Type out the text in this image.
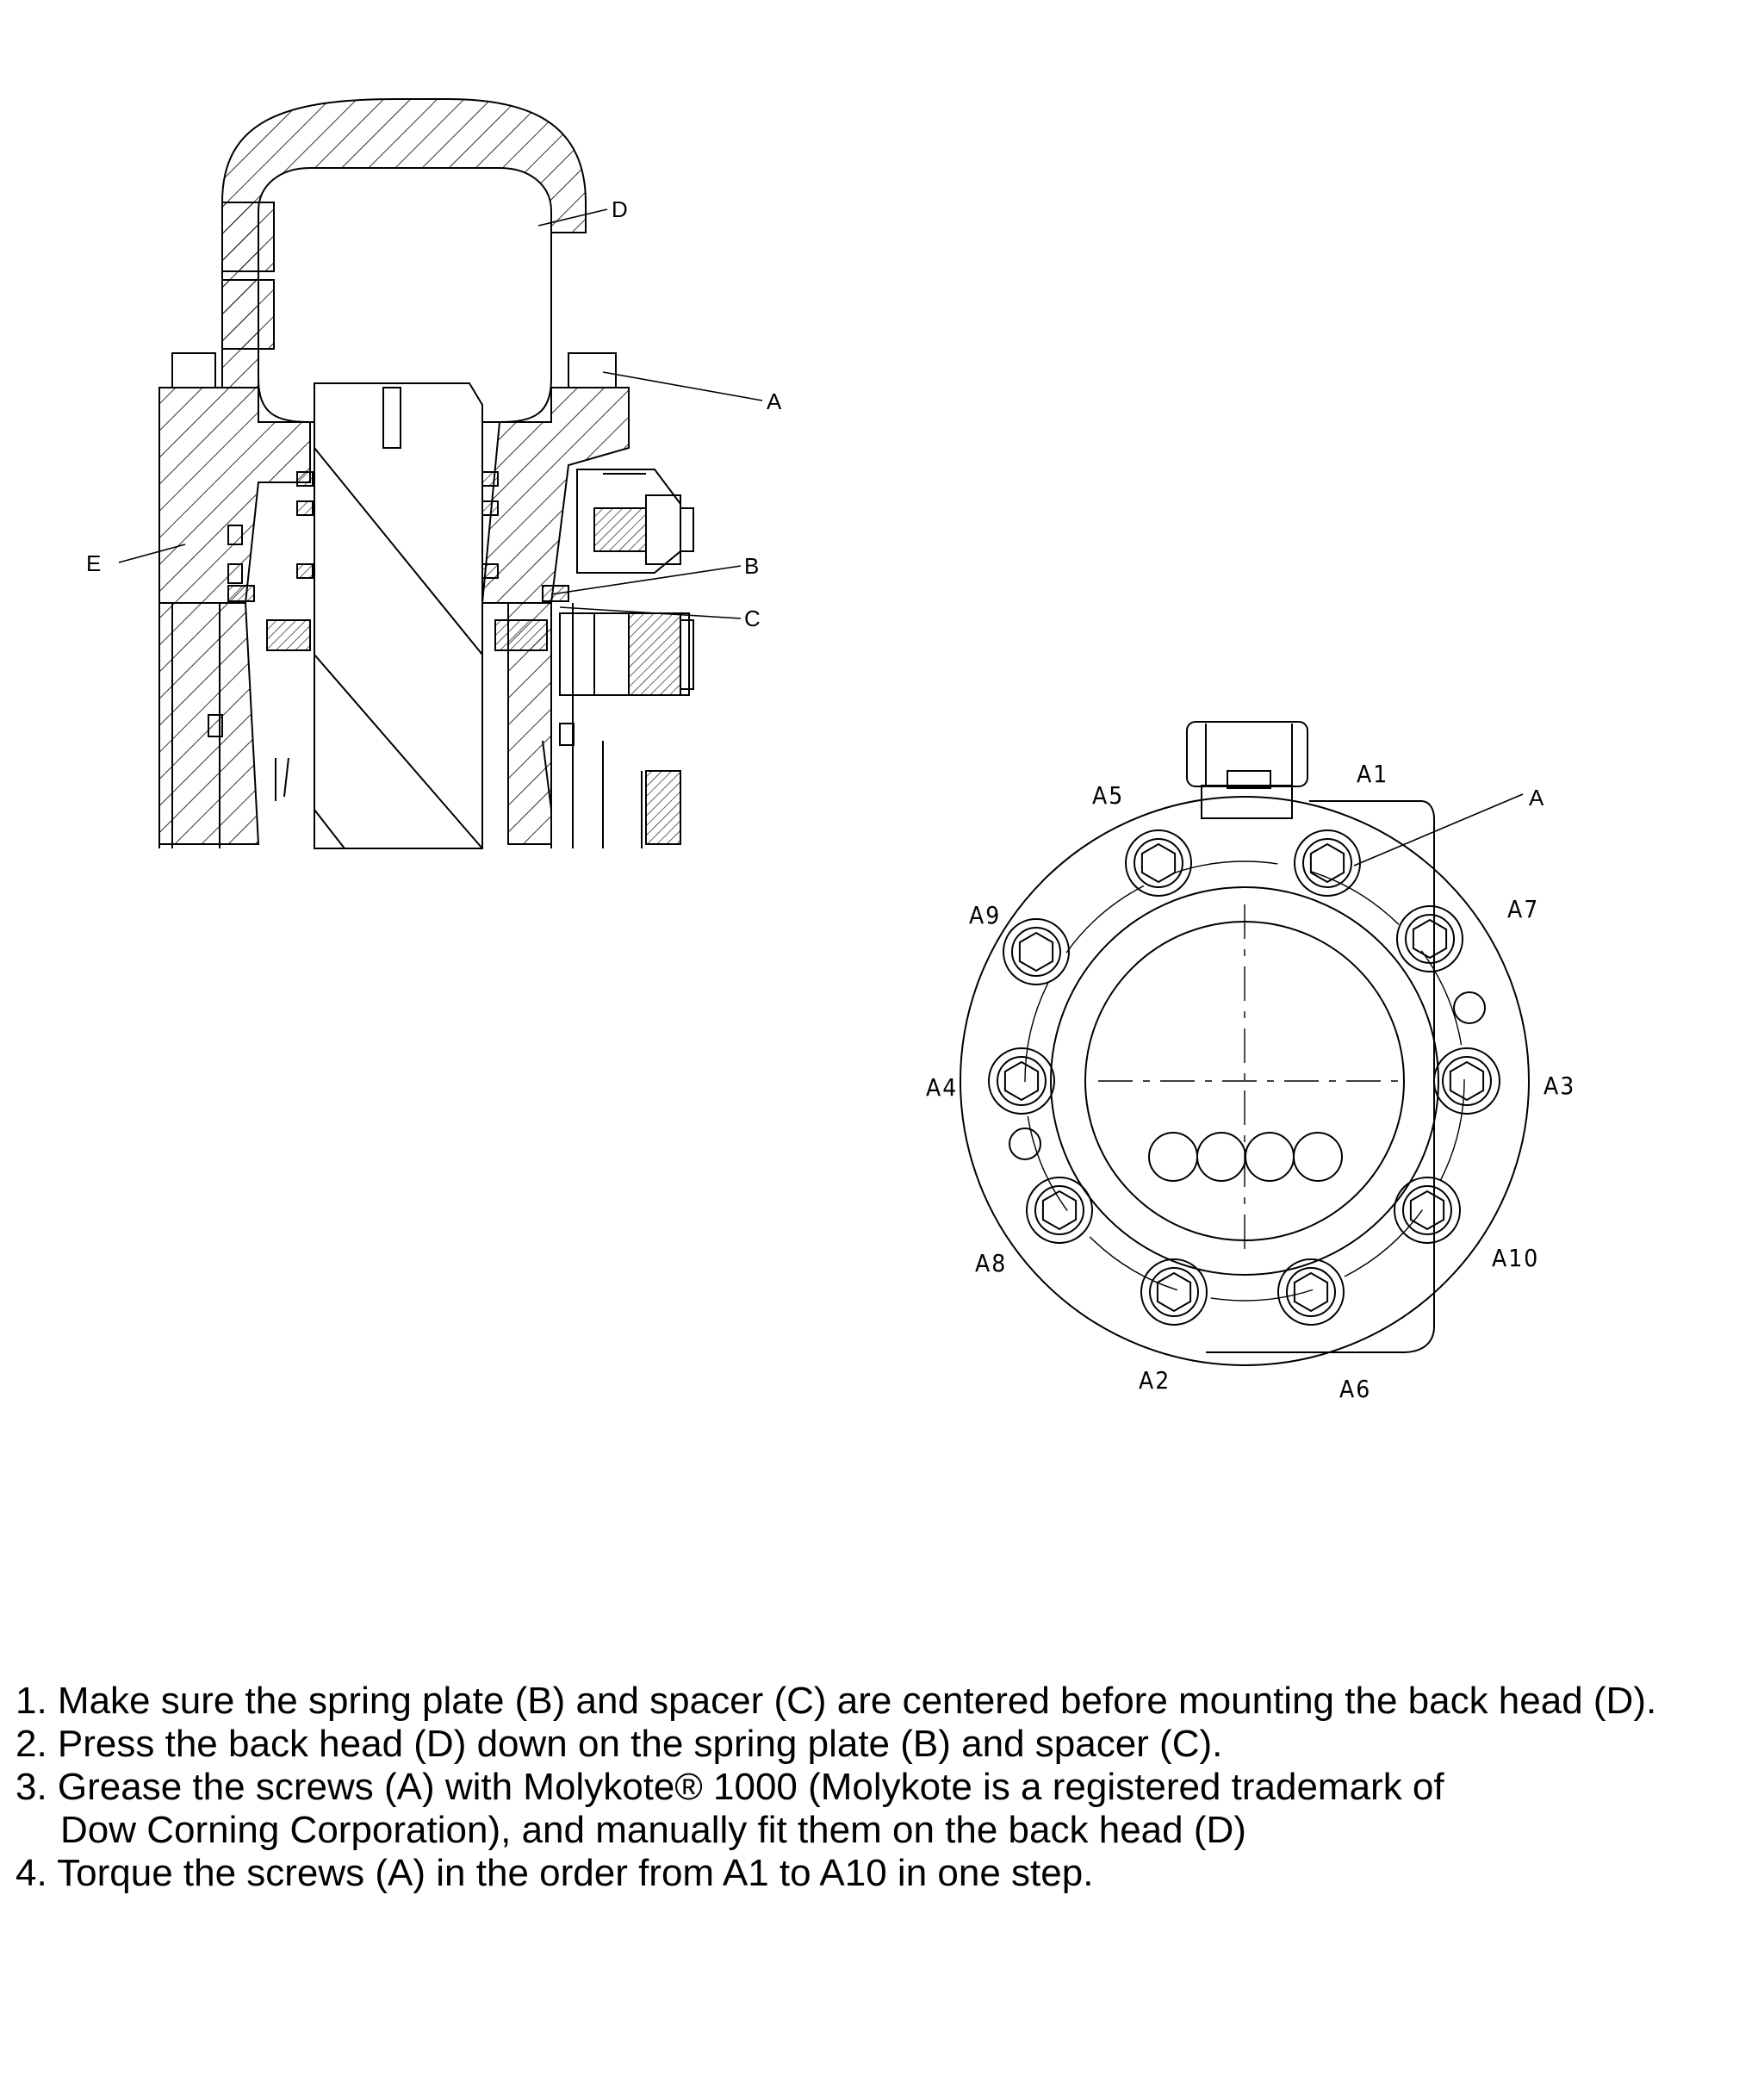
D
A
B
C
E
A1
A2
A3
A4
A5
A6
A7
A8
A9
A10
A
1. Make sure the spring plate (B) and spacer (C) are centered before mounting the back head (D).
2. Press the back head (D) down on the spring plate (B) and spacer (C).
3. Grease the screws (A) with Molykote® 1000 (Molykote is a registered trademark of
Dow Corning Corporation), and manually fit them on the back head (D)
4. Torque the screws (A) in the order from A1 to A10 in one step.
